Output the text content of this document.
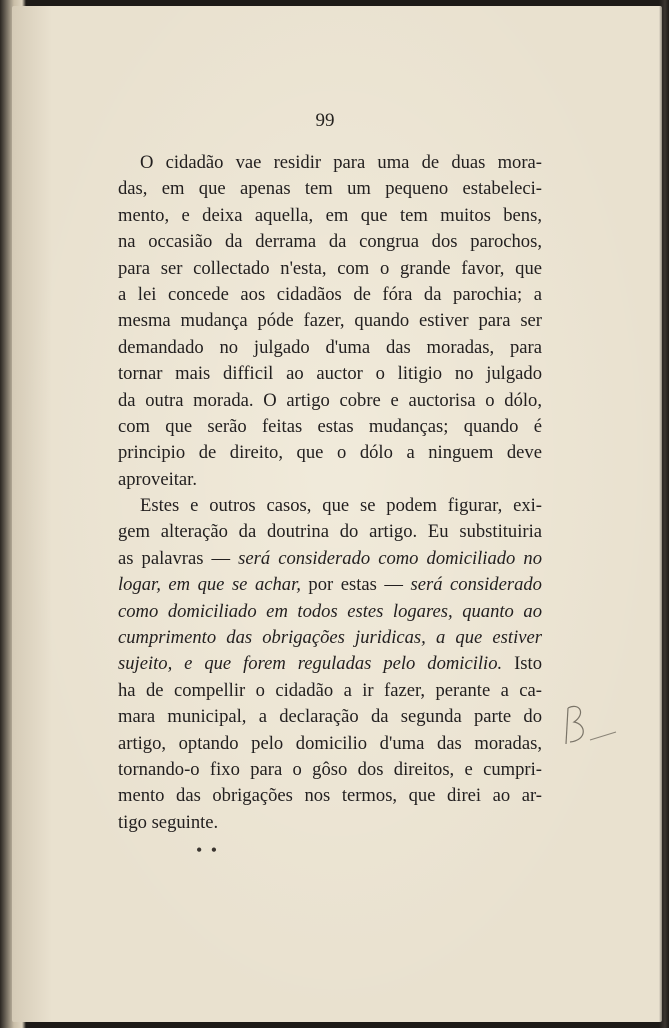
99
O cidadão vae residir para uma de duas mora-
das, em que apenas tem um pequeno estabeleci-
mento, e deixa aquella, em que tem muitos bens,
na occasião da derrama da congrua dos parochos,
para ser collectado n'esta, com o grande favor, que
a lei concede aos cidadãos de fóra da parochia; a
mesma mudança póde fazer, quando estiver para ser
demandado no julgado d'uma das moradas, para
tornar mais difficil ao auctor o litigio no julgado
da outra morada. O artigo cobre e auctorisa o dólo,
com que serão feitas estas mudanças; quando é
principio de direito, que o dólo a ninguem deve
aproveitar.
Estes e outros casos, que se podem figurar, exi-
gem alteração da doutrina do artigo. Eu substituiria
as palavras — será considerado como domiciliado no
logar, em que se achar, por estas — será considerado
como domiciliado em todos estes logares, quanto ao
cumprimento das obrigações juridicas, a que estiver
sujeito, e que forem reguladas pelo domicilio. Isto
ha de compellir o cidadão a ir fazer, perante a ca-
mara municipal, a declaração da segunda parte do
artigo, optando pelo domicilio d'uma das moradas,
tornando-o fixo para o gôso dos direitos, e cumpri-
mento das obrigações nos termos, que direi ao ar-
tigo seguinte.
• •
